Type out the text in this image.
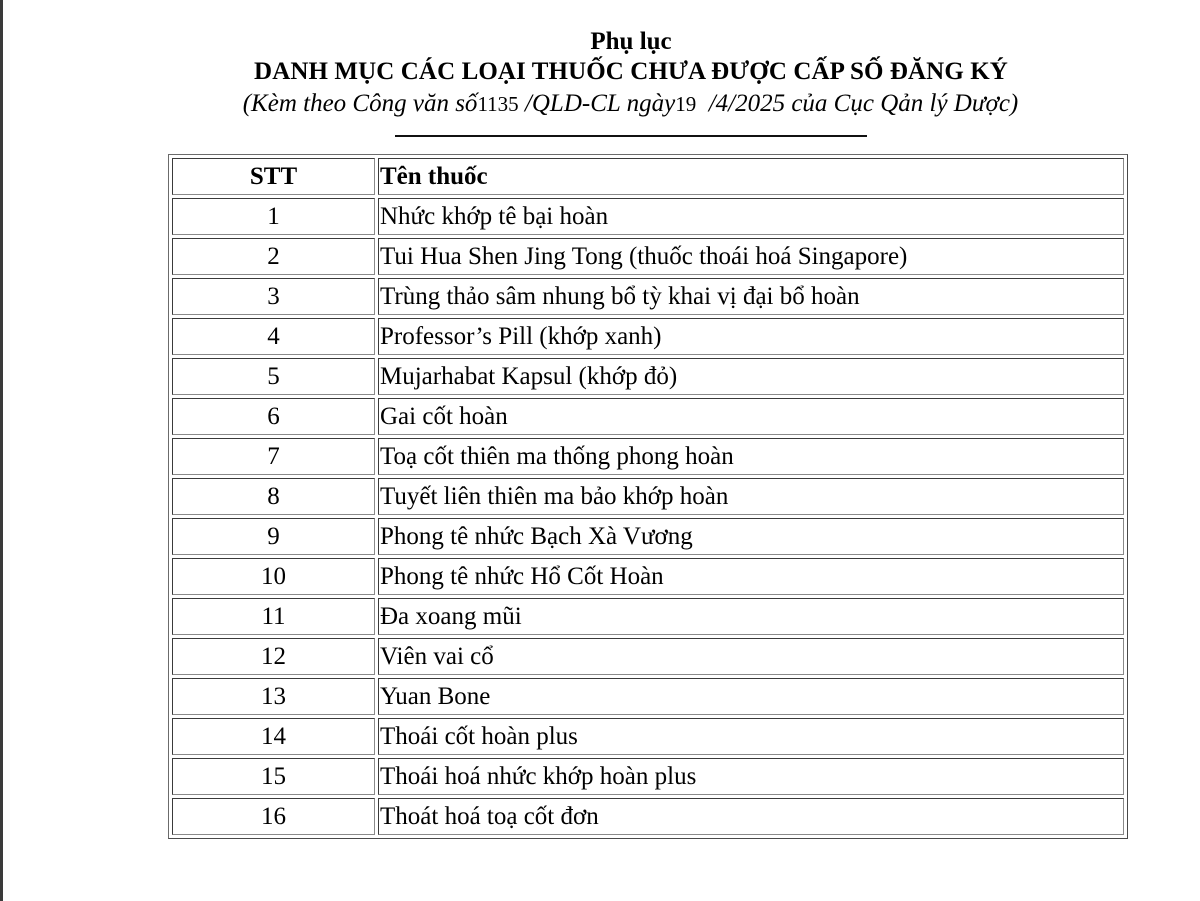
Phụ lục
DANH MỤC CÁC LOẠI THUỐC CHƯA ĐƯỢC CẤP SỐ ĐĂNG KÝ
(Kèm theo Công văn số1135 /QLD-CL ngày19  /4/2025 của Cục Qản lý Dược)
STT	Tên thuốc
1	Nhức khớp tê bại hoàn
2	Tui Hua Shen Jing Tong (thuốc thoái hoá Singapore)
3	Trùng thảo sâm nhung bổ tỳ khai vị đại bổ hoàn
4	Professor’s Pill (khớp xanh)
5	Mujarhabat Kapsul (khớp đỏ)
6	Gai cốt hoàn
7	Toạ cốt thiên ma thống phong hoàn
8	Tuyết liên thiên ma bảo khớp hoàn
9	Phong tê nhức Bạch Xà Vương
10	Phong tê nhức Hổ Cốt Hoàn
11	Đa xoang mũi
12	Viên vai cổ
13	Yuan Bone
14	Thoái cốt hoàn plus
15	Thoái hoá nhức khớp hoàn plus
16	Thoát hoá toạ cốt đơn
